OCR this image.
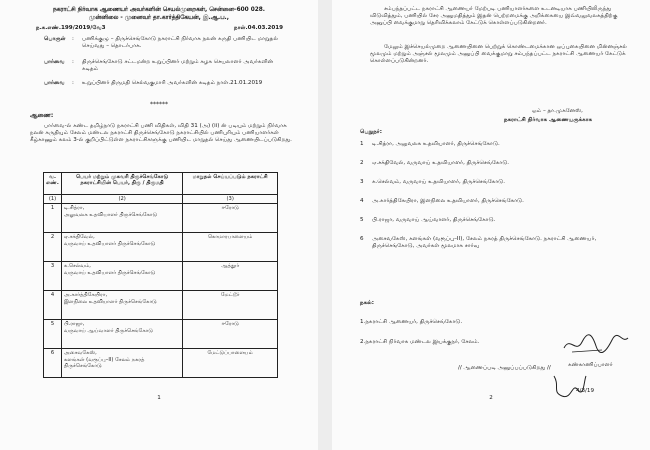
நகராட்சி நிர்வாக ஆணையர் அவர்களின் செயல்முறைகள், சென்னை–600 028.
முன்னிலை - முனைவர் தா.கார்த்திகேயன், இ.ஆ.ப.,
ந.க.எண்.199/2019/வே3	நாள்.04.03.2019
பொருள் : பணிக்குழு – திருச்செங்கோடு நகராட்சி நிர்வாக நலன் கருதி பணியிட மாறுதல் செய்வது – தொடர்பாக.
பார்வை : திருச்செங்கோடு சட்டமன்ற உறுப்பினர் மற்றும் கழக செயலாளர் அவர்களின் கடிதம்
பார்வை : உறுப்பினர் திருமதி செல்வகுமாரி அவர்களின் கடிதம் நாள்.21.01.2019
******
ஆணை:
பார்வை-ல் கண்ட தமிழ்நாடு நகராட்சி பணி விதிகள், விதி 31 (அ) (ii) ன் படியும் மற்றும் நிர்வாக நலன் கருதியும் சேலம் மண்டல நகராட்சி திருச்செங்கோடு நகராட்சியில் பணிபுரியும் பணியாளர்கள் கீழ்காணும் கலம் 3-ல் குறிப்பிட்டுள்ள நகராட்சிகளுக்கு பணியிட மாறுதல் செய்து ஆணையிடப்படுகிறது.
வ. எண்.	பெயர் மற்றும் முகவரி திருச்செங்கோடு நகராட்சியின் பெயர், திரு / திருமதி	மாறுதல் செய்யப்படும் நகராட்சி
(1)	(2)	(3)
1	டி.சித்ரா,
அலுவலக உதவியாளர் திருச்செங்கோடு	ஈரோடு
2	ஏ.சக்திவேல்,
வருவாய் உதவியாளர் திருச்செங்கோடு	கொமாரபாளையம்
3	க.செல்வம்,
வருவாய் உதவியாளர் திருச்செங்கோடு	ஆத்தூர்
4	அ.கார்த்திகேயிரா,
இளநிலை உதவியாளர் திருச்செங்கோடு	மேட்டூர்
5	பி.ராஜா,
வருவாய் ஆய்வாளர் திருச்செங்கோடு	ஈரோடு
6	அசைவகேஸ்,
களங்கள் (வரூப்பு–II) சேலம் நகரத் திருச்செங்கோடு	மேட்டுப்பாளையம்
1
சம்பந்தப்பட்ட நகராட்சி ஆணையர் மேற்படி பணியாளர்களை உடனடியாக பணியிலிருந்து விடுவித்தும், பணியில் சேர அனுமதித்தும் இதன் பெற்றமைக்கு அறிக்கையை இவ்வலுவலகத்திற்கு அனுப்பி வைக்குமாறு தெரிவிக்கலாம் கேட்டுக் கொள்ளப்படுகின்றனர்.
மேலும் இச்செயல்முறை ஆணையினை பெற்றுக் கொண்டமைக்கான ஒப்புகையினை மின்னஞ்சல் மூலமும் மற்றும் அஞ்சல் மூலமும் அனுப்பி வைக்குமாறு சம்பந்தப்பட்ட நகராட்சி ஆணையர் கேட்டுக் கொள்ளப்படுகின்றனர்.
ஒம் – தா.முகனேஸ்,
நகராட்சி நிர்வாக ஆணையருக்காக
பெறுநர்:
1 டி.சித்ரா, அலுவலக உதவியாளர், திருச்செங்கோடு.
2 ஏ.சக்திவேல், வருவாய் உதவியாளர், திருச்செங்கோடு.
3 க.செல்வம், வருவாய் உதவியாளர், திருச்செங்கோடு.
4 அ.கார்த்திகேயிரா, இளநிலை உதவியாளர், திருச்செங்கோடு.
5 பி.ராஜா, வருவாய் ஆய்வாளர், திருச்செங்கோடு.
6 அசைவகேஸ், களங்கள் (வரூப்பு–II), சேலம் நகரத் திருச்செங்கோடு. நகராட்சி ஆணையர், திருச்செங்கோடு, அவர்கள் மூலமாக சார்வு
நகல்:
1.நகராட்சி ஆணையர், திருச்செங்கோடு.
2.நகராட்சி நிர்வாக மண்டல இயக்குநர், சேலம்.
// ஆணைப்படி அனுப்பப்படுகிறது //	கண்காணிப்பாளர்
4/3/19
2
